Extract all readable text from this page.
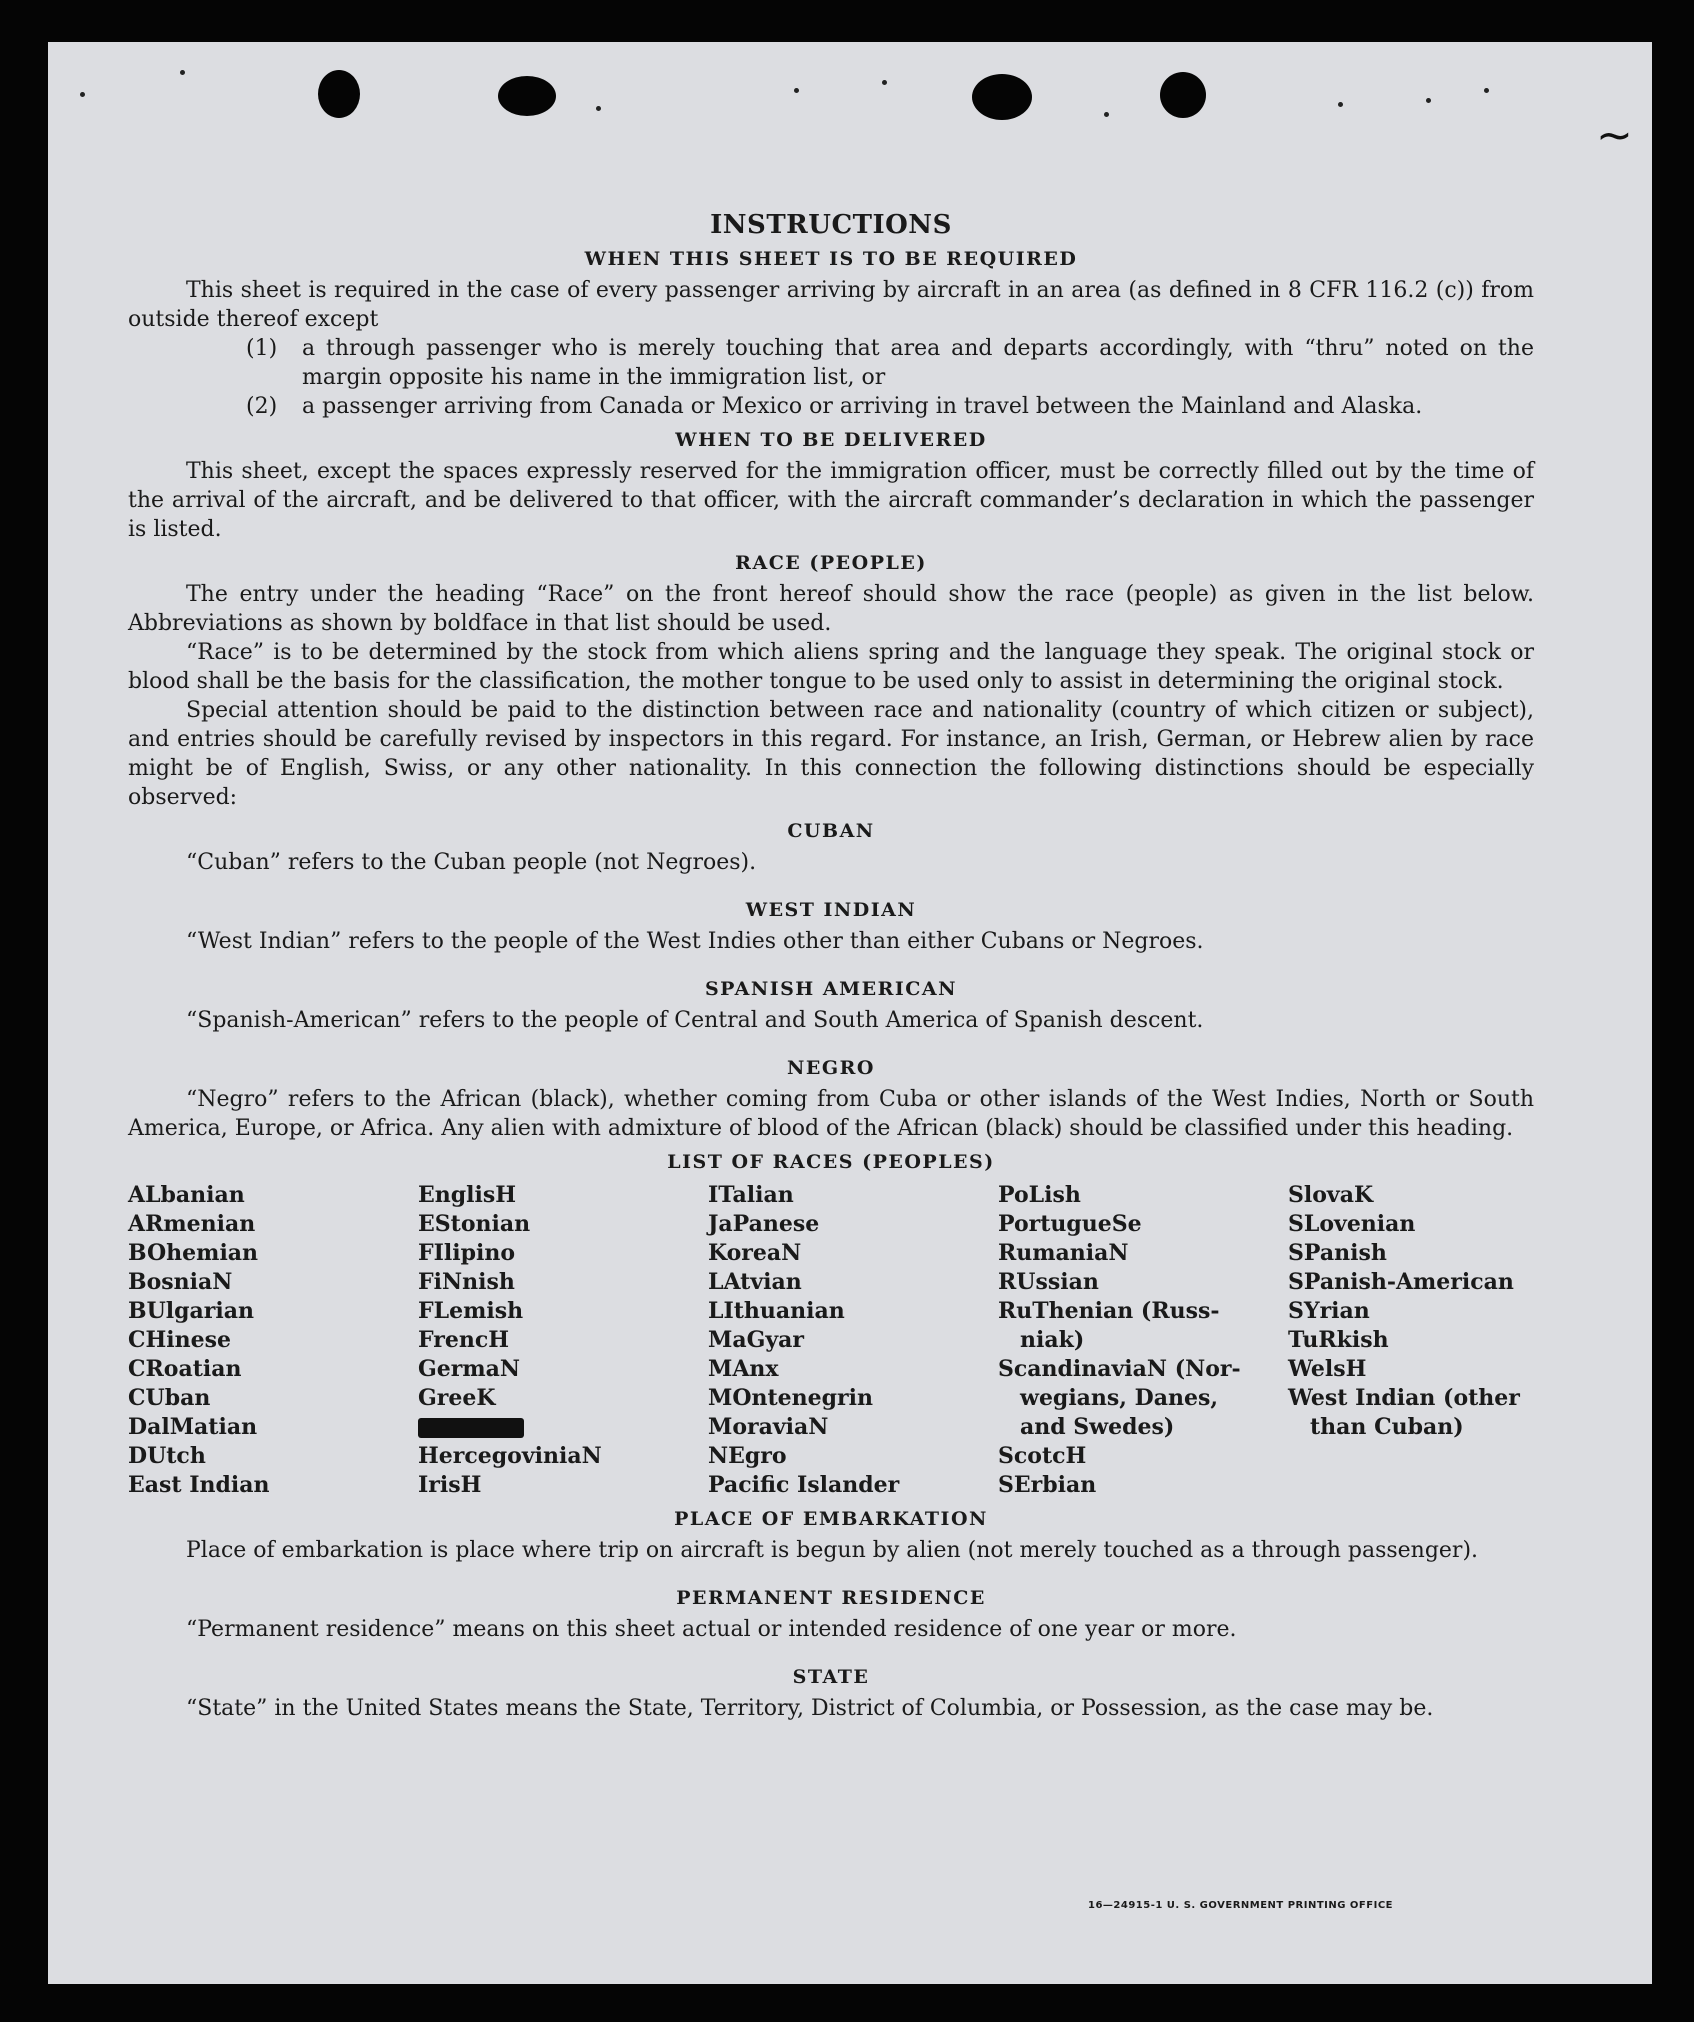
~
INSTRUCTIONS
WHEN THIS SHEET IS TO BE REQUIRED

This sheet is required in the case of every passenger arriving by aircraft in an area (as defined in 8 CFR 116.2 (c)) from outside thereof except

(1)	a through passenger who is merely touching that area and departs accordingly, with “thru” noted on the margin opposite his name in the immigration list, or
(2)	a passenger arriving from Canada or Mexico or arriving in travel between the Mainland and Alaska.
WHEN TO BE DELIVERED

This sheet, except the spaces expressly reserved for the immigration officer, must be correctly filled out by the time of the arrival of the aircraft, and be delivered to that officer, with the aircraft commander’s declaration in which the passenger is listed.

RACE (PEOPLE)

The entry under the heading “Race” on the front hereof should show the race (people) as given in the list below. Abbreviations as shown by boldface in that list should be used.

“Race” is to be determined by the stock from which aliens spring and the language they speak. The original stock or blood shall be the basis for the classification, the mother tongue to be used only to assist in determining the original stock.

Special attention should be paid to the distinction between race and nationality (country of which citizen or subject), and entries should be carefully revised by inspectors in this regard. For instance, an Irish, German, or Hebrew alien by race might be of English, Swiss, or any other nationality. In this connection the following distinctions should be especially observed:

CUBAN

“Cuban” refers to the Cuban people (not Negroes).

WEST INDIAN

“West Indian” refers to the people of the West Indies other than either Cubans or Negroes.

SPANISH AMERICAN

“Spanish-American” refers to the people of Central and South America of Spanish descent.

NEGRO

“Negro” refers to the African (black), whether coming from Cuba or other islands of the West Indies, North or South America, Europe, or Africa. Any alien with admixture of blood of the African (black) should be classified under this heading.

LIST OF RACES (PEOPLES)
ALbanian
ARmenian
BOhemian
BosniaN
BUlgarian
CHinese
CRoatian
CUban
DalMatian
DUtch
East Indian
EnglisH
EStonian
FIlipino
FiNnish
FLemish
FrencH
GermaN
GreeK
HercegoviniaN
IrisH
ITalian
JaPanese
KoreaN
LAtvian
LIthuanian
MaGyar
MAnx
MOntenegrin
MoraviaN
NEgro
Pacific Islander
PoLish
PortugueSe
RumaniaN
RUssian
RuThenian (Russ-
niak)
ScandinaviaN (Nor-
wegians, Danes,
and Swedes)
ScotcH
SErbian
SlovaK
SLovenian
SPanish
SPanish-American
SYrian
TuRkish
WelsH
West Indian (other
than Cuban)
PLACE OF EMBARKATION

Place of embarkation is place where trip on aircraft is begun by alien (not merely touched as a through passenger).

PERMANENT RESIDENCE

“Permanent residence” means on this sheet actual or intended residence of one year or more.

STATE

“State” in the United States means the State, Territory, District of Columbia, or Possession, as the case may be.

16—24915-1 U. S. GOVERNMENT PRINTING OFFICE
